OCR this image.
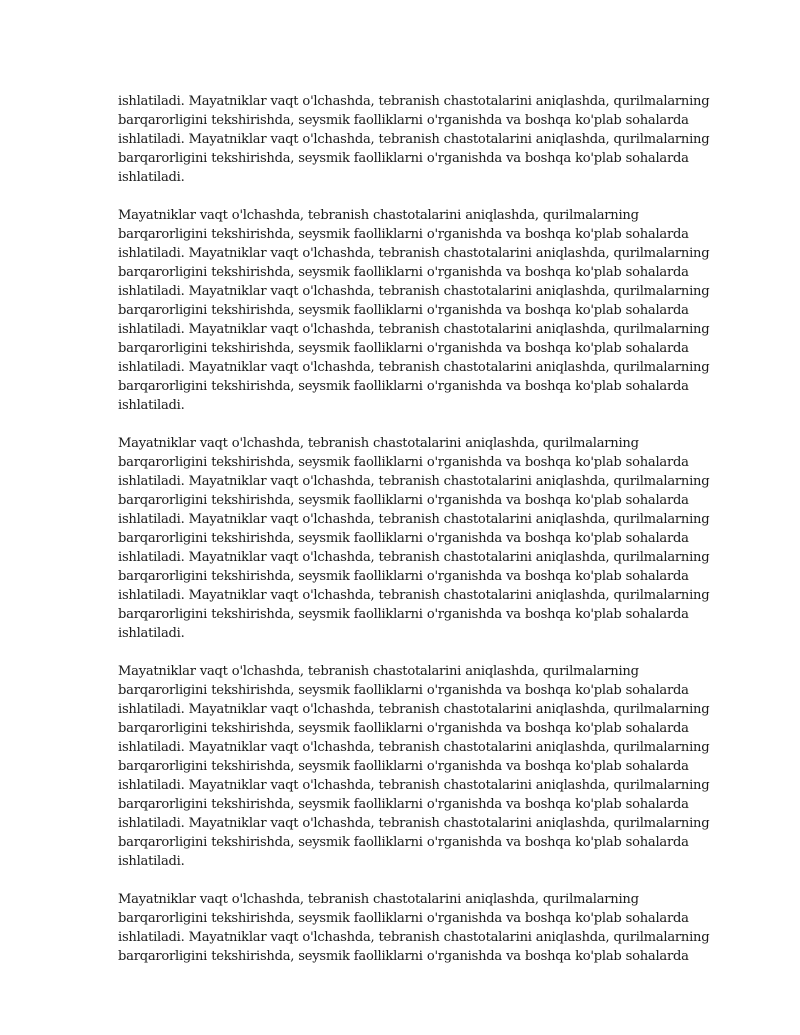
ishlatiladi. Mayatniklar vaqt o'lchashda, tebranish chastotalarini aniqlashda, qurilmalarning
barqarorligini tekshirishda, seysmik faolliklarni o'rganishda va boshqa ko'plab sohalarda
ishlatiladi. Mayatniklar vaqt o'lchashda, tebranish chastotalarini aniqlashda, qurilmalarning
barqarorligini tekshirishda, seysmik faolliklarni o'rganishda va boshqa ko'plab sohalarda
ishlatiladi.

Mayatniklar vaqt o'lchashda, tebranish chastotalarini aniqlashda, qurilmalarning
barqarorligini tekshirishda, seysmik faolliklarni o'rganishda va boshqa ko'plab sohalarda
ishlatiladi. Mayatniklar vaqt o'lchashda, tebranish chastotalarini aniqlashda, qurilmalarning
barqarorligini tekshirishda, seysmik faolliklarni o'rganishda va boshqa ko'plab sohalarda
ishlatiladi. Mayatniklar vaqt o'lchashda, tebranish chastotalarini aniqlashda, qurilmalarning
barqarorligini tekshirishda, seysmik faolliklarni o'rganishda va boshqa ko'plab sohalarda
ishlatiladi. Mayatniklar vaqt o'lchashda, tebranish chastotalarini aniqlashda, qurilmalarning
barqarorligini tekshirishda, seysmik faolliklarni o'rganishda va boshqa ko'plab sohalarda
ishlatiladi. Mayatniklar vaqt o'lchashda, tebranish chastotalarini aniqlashda, qurilmalarning
barqarorligini tekshirishda, seysmik faolliklarni o'rganishda va boshqa ko'plab sohalarda
ishlatiladi.

Mayatniklar vaqt o'lchashda, tebranish chastotalarini aniqlashda, qurilmalarning
barqarorligini tekshirishda, seysmik faolliklarni o'rganishda va boshqa ko'plab sohalarda
ishlatiladi. Mayatniklar vaqt o'lchashda, tebranish chastotalarini aniqlashda, qurilmalarning
barqarorligini tekshirishda, seysmik faolliklarni o'rganishda va boshqa ko'plab sohalarda
ishlatiladi. Mayatniklar vaqt o'lchashda, tebranish chastotalarini aniqlashda, qurilmalarning
barqarorligini tekshirishda, seysmik faolliklarni o'rganishda va boshqa ko'plab sohalarda
ishlatiladi. Mayatniklar vaqt o'lchashda, tebranish chastotalarini aniqlashda, qurilmalarning
barqarorligini tekshirishda, seysmik faolliklarni o'rganishda va boshqa ko'plab sohalarda
ishlatiladi. Mayatniklar vaqt o'lchashda, tebranish chastotalarini aniqlashda, qurilmalarning
barqarorligini tekshirishda, seysmik faolliklarni o'rganishda va boshqa ko'plab sohalarda
ishlatiladi.

Mayatniklar vaqt o'lchashda, tebranish chastotalarini aniqlashda, qurilmalarning
barqarorligini tekshirishda, seysmik faolliklarni o'rganishda va boshqa ko'plab sohalarda
ishlatiladi. Mayatniklar vaqt o'lchashda, tebranish chastotalarini aniqlashda, qurilmalarning
barqarorligini tekshirishda, seysmik faolliklarni o'rganishda va boshqa ko'plab sohalarda
ishlatiladi. Mayatniklar vaqt o'lchashda, tebranish chastotalarini aniqlashda, qurilmalarning
barqarorligini tekshirishda, seysmik faolliklarni o'rganishda va boshqa ko'plab sohalarda
ishlatiladi. Mayatniklar vaqt o'lchashda, tebranish chastotalarini aniqlashda, qurilmalarning
barqarorligini tekshirishda, seysmik faolliklarni o'rganishda va boshqa ko'plab sohalarda
ishlatiladi. Mayatniklar vaqt o'lchashda, tebranish chastotalarini aniqlashda, qurilmalarning
barqarorligini tekshirishda, seysmik faolliklarni o'rganishda va boshqa ko'plab sohalarda
ishlatiladi.

Mayatniklar vaqt o'lchashda, tebranish chastotalarini aniqlashda, qurilmalarning
barqarorligini tekshirishda, seysmik faolliklarni o'rganishda va boshqa ko'plab sohalarda
ishlatiladi. Mayatniklar vaqt o'lchashda, tebranish chastotalarini aniqlashda, qurilmalarning
barqarorligini tekshirishda, seysmik faolliklarni o'rganishda va boshqa ko'plab sohalarda
